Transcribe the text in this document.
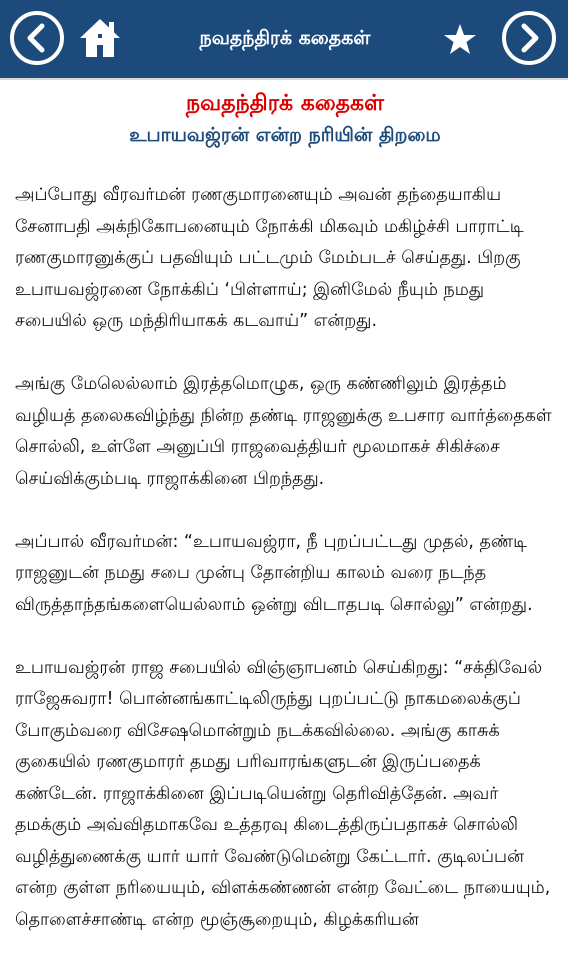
நவதந்திரக் கதைகள்
நவதந்திரக் கதைகள்
உபாயவஜ்ரன் என்ற நரியின் திறமை

அப்போது வீரவர்மன் ரணகுமாரனையும் அவன் தந்தையாகிய சேனாபதி அக்நிகோபனையும் நோக்கி மிகவும் மகிழ்ச்சி பாராட்டி ரணகுமாரனுக்குப் பதவியும் பட்டமும் மேம்படச் செய்தது. பிறகு உபாயவஜ்ரனை நோக்கிப் ‘பிள்ளாய்; இனிமேல் நீயும் நமது சபையில் ஒரு மந்திரியாகக் கடவாய்” என்றது.

அங்கு மேலெல்லாம் இரத்தமொழுக, ஒரு கண்ணிலும் இரத்தம் வழியத் தலைகவிழ்ந்து நின்ற தண்டி ராஜனுக்கு உபசார வார்த்தைகள் சொல்லி, உள்ளே அனுப்பி ராஜவைத்தியர் மூலமாகச் சிகிச்சை செய்விக்கும்படி ராஜாக்கினை பிறந்தது.

அப்பால் வீரவர்மன்: “உபாயவஜ்ரா, நீ புறப்பட்டது முதல், தண்டி ராஜனுடன் நமது சபை முன்பு தோன்றிய காலம் வரை நடந்த விருத்தாந்தங்களையெல்லாம் ஒன்று விடாதபடி சொல்லு” என்றது.

உபாயவஜ்ரன் ராஜ சபையில் விஞ்ஞாபனம் செய்கிறது: “சக்திவேல் ராஜேசுவரா! பொன்னங்காட்டிலிருந்து புறப்பட்டு நாகமலைக்குப் போகும்வரை விசேஷமொன்றும் நடக்கவில்லை. அங்கு காசுக் குகையில் ரணகுமாரர் தமது பரிவாரங்களுடன் இருப்பதைக் கண்டேன். ராஜாக்கினை இப்படியென்று தெரிவித்தேன். அவர் தமக்கும் அவ்விதமாகவே உத்தரவு கிடைத்திருப்பதாகச் சொல்லி வழித்துணைக்கு யார் யார் வேண்டுமென்று கேட்டார். குடிலப்பன் என்ற குள்ள நரியையும், விளக்கண்ணன் என்ற வேட்டை நாயையும், தொளைச்சாண்டி என்ற மூஞ்சூறையும், கிழக்கரியன்
